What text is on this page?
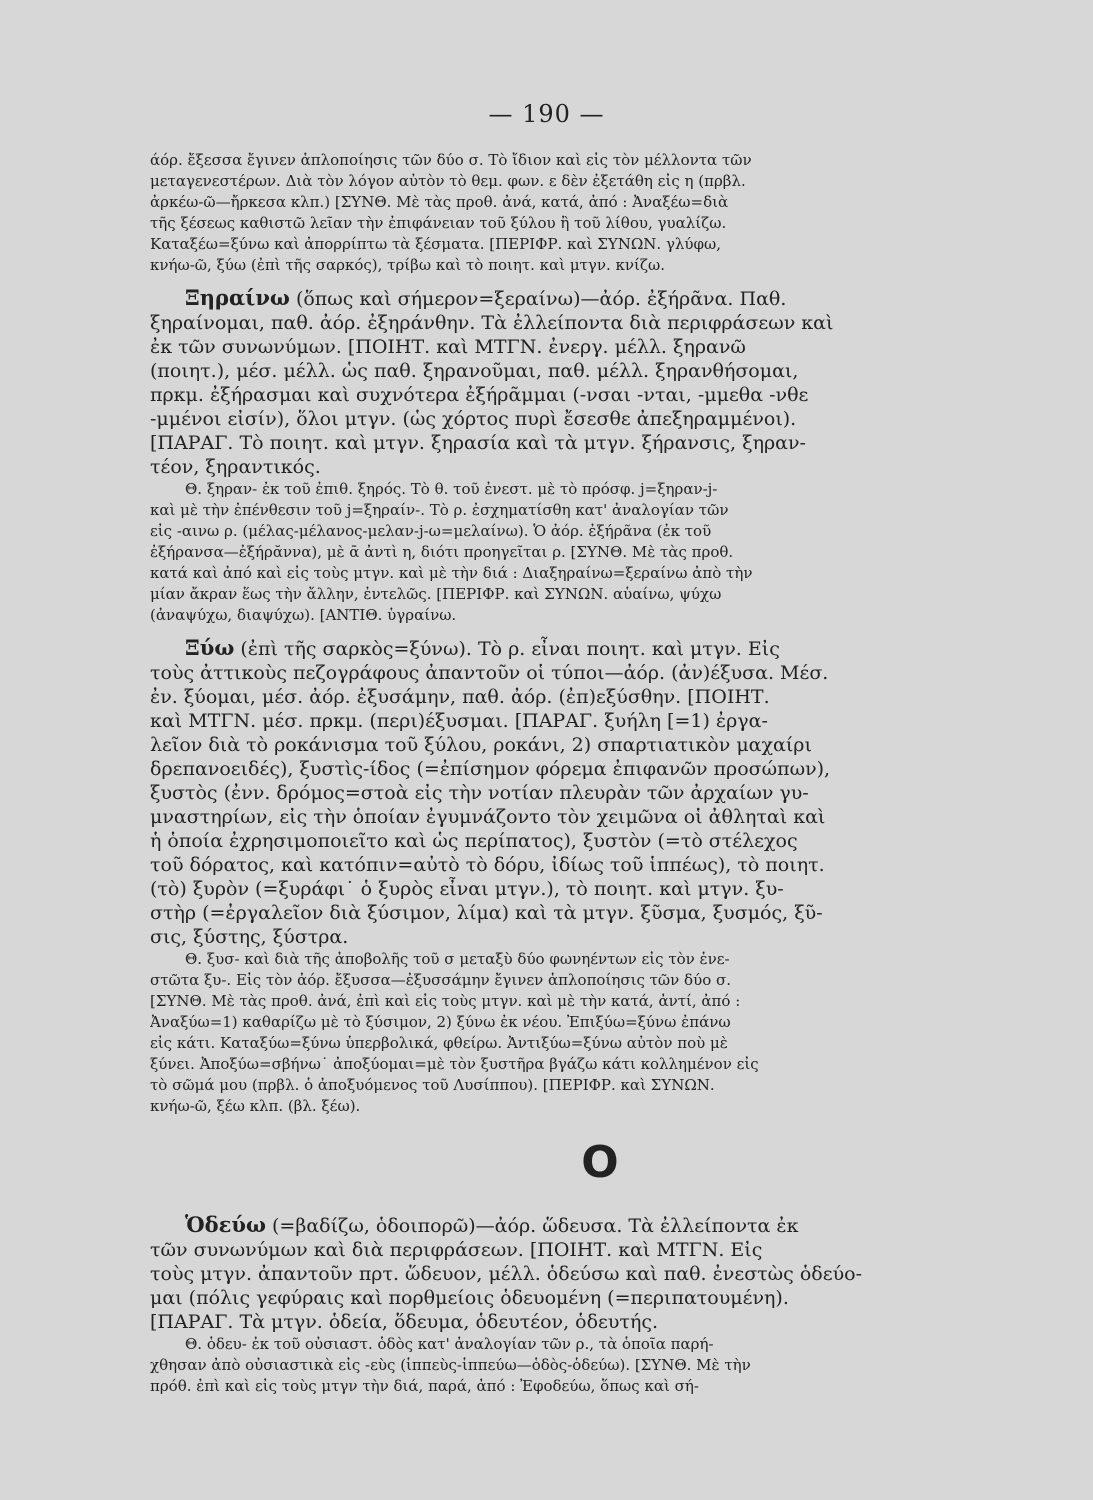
— 190 —
άόρ. ἔξεσσα ἔγινεν ἁπλοποίησις τῶν δύο σ. Τὸ ἴδιον καὶ εἰς τὸν μέλλοντα τῶν
μεταγενεστέρων. Διὰ τὸν λόγον αὐτὸν τὸ θεμ. φων. ε δὲν ἐξετάθη εἰς η (πρβλ.
ἀρκέω-ῶ—ἤρκεσα κλπ.) [ΣΥΝΘ. Μὲ τὰς προθ. ἀνά, κατά, ἀπό : Ἀναξέω=διὰ
τῆς ξέσεως καθιστῶ λεῖαν τὴν ἐπιφάνειαν τοῦ ξύλου ἢ τοῦ λίθου, γυαλίζω.
Καταξέω=ξύνω καὶ ἀπορρίπτω τὰ ξέσματα. [ΠΕΡΙΦΡ. καὶ ΣΥΝΩΝ. γλύφω,
κνήω-ῶ, ξύω (ἐπὶ τῆς σαρκός), τρίβω καὶ τὸ ποιητ. καὶ μτγν. κνίζω.
Ξηραίνω (ὅπως καὶ σήμερον=ξεραίνω)—ἀόρ. ἐξήρᾶνα. Παθ.
ξηραίνομαι, παθ. ἀόρ. ἐξηράνθην. Τὰ ἐλλείποντα διὰ περιφράσεων καὶ
ἐκ τῶν συνωνύμων. [ΠΟΙΗΤ. καὶ ΜΤΓΝ. ἐνεργ. μέλλ. ξηρανῶ
(ποιητ.), μέσ. μέλλ. ὡς παθ. ξηρανοῦμαι, παθ. μέλλ. ξηρανθήσομαι,
πρκμ. ἐξήρασμαι καὶ συχνότερα ἐξήρᾶμμαι (-νσαι -νται, -μμεθα -νθε
-μμένοι εἰσίν), ὅλοι μτγν. (ὡς χόρτος πυρὶ ἔσεσθε ἀπεξηραμμένοι).
[ΠΑΡΑΓ. Τὸ ποιητ. καὶ μτγν. ξηρασία καὶ τὰ μτγν. ξήρανσις, ξηραν-
τέον, ξηραντικός.
Θ. ξηραν- ἐκ τοῦ ἐπιθ. ξηρός. Τὸ θ. τοῦ ἐνεστ. μὲ τὸ πρόσφ. j=ξηραν-j-
καὶ μὲ τὴν ἐπένθεσιν τοῦ j=ξηραίν-. Τὸ ρ. ἐσχηματίσθη κατ' ἀναλογίαν τῶν
εἰς -αινω ρ. (μέλας-μέλανος-μελαν-j-ω=μελαίνω). Ὁ ἀόρ. ἐξήρᾶνα (ἐκ τοῦ
ἐξήρανσα—ἐξήρᾰννα), μὲ ᾱ ἀντὶ η, διότι προηγεῖται ρ. [ΣΥΝΘ. Μὲ τὰς προθ.
κατά καὶ ἀπό καὶ εἰς τοὺς μτγν. καὶ μὲ τὴν διά : Διαξηραίνω=ξεραίνω ἀπὸ τὴν
μίαν ἄκραν ἕως τὴν ἄλλην, ἐντελῶς. [ΠΕΡΙΦΡ. καὶ ΣΥΝΩΝ. αὑαίνω, ψύχω
(ἀναψύχω, διαψύχω). [ΑΝΤΙΘ. ὑγραίνω.
Ξύω (ἐπὶ τῆς σαρκὸς=ξύνω). Τὸ ρ. εἶναι ποιητ. καὶ μτγν. Εἰς
τοὺς ἀττικοὺς πεζογράφους ἀπαντοῦν οἱ τύποι—ἀόρ. (ἀν)έξυσα. Μέσ.
ἐν. ξύομαι, μέσ. ἀόρ. ἐξυσάμην, παθ. ἀόρ. (ἐπ)εξύσθην. [ΠΟΙΗΤ.
καὶ ΜΤΓΝ. μέσ. πρκμ. (περι)έξυσμαι. [ΠΑΡΑΓ. ξυήλη [=1) ἐργα-
λεῖον διὰ τὸ ροκάνισμα τοῦ ξύλου, ροκάνι, 2) σπαρτιατικὸν μαχαίρι
δρεπανοειδές), ξυστὶς-ίδος (=ἐπίσημον φόρεμα ἐπιφανῶν προσώπων),
ξυστὸς (ἐνν. δρόμος=στοὰ εἰς τὴν νοτίαν πλευρὰν τῶν ἀρχαίων γυ-
μναστηρίων, εἰς τὴν ὁποίαν ἐγυμνάζοντο τὸν χειμῶνα οἱ ἀθληταὶ καὶ
ἡ ὁποία ἐχρησιμοποιεῖτο καὶ ὡς περίπατος), ξυστὸν (=τὸ στέλεχος
τοῦ δόρατος, καὶ κατόπιν=αὐτὸ τὸ δόρυ, ἰδίως τοῦ ἱππέως), τὸ ποιητ.
(τὸ) ξυρὸν (=ξυράφι˙ ὁ ξυρὸς εἶναι μτγν.), τὸ ποιητ. καὶ μτγν. ξυ-
στὴρ (=ἐργαλεῖον διὰ ξύσιμον, λίμα) καὶ τὰ μτγν. ξῦσμα, ξυσμός, ξῦ-
σις, ξύστης, ξύστρα.
Θ. ξυσ- καὶ διὰ τῆς ἀποβολῆς τοῦ σ μεταξὺ δύο φωνηέντων εἰς τὸν ἐνε-
στῶτα ξυ-. Εἰς τὸν ἀόρ. ἔξυσσα—ἐξυσσάμην ἔγινεν ἁπλοποίησις τῶν δύο σ.
[ΣΥΝΘ. Μὲ τὰς προθ. ἀνά, ἐπὶ καὶ εἰς τοὺς μτγν. καὶ μὲ τὴν κατά, ἀντί, ἀπό :
Ἀναξύω=1) καθαρίζω μὲ τὸ ξύσιμον, 2) ξύνω ἐκ νέου. Ἐπιξύω=ξύνω ἐπάνω
εἰς κάτι. Καταξύω=ξύνω ὑπερβολικά, φθείρω. Ἀντιξύω=ξύνω αὐτὸν ποὺ μὲ
ξύνει. Ἀποξύω=σβήνω˙ ἀποξύομαι=μὲ τὸν ξυστῆρα βγάζω κάτι κολλημένον εἰς
τὸ σῶμά μου (πρβλ. ὁ ἀποξυόμενος τοῦ Λυσίππου). [ΠΕΡΙΦΡ. καὶ ΣΥΝΩΝ.
κνήω-ῶ, ξέω κλπ. (βλ. ξέω).
Ο
Ὁδεύω (=βαδίζω, ὁδοιπορῶ)—ἀόρ. ὥδευσα. Τὰ ἐλλείποντα ἐκ
τῶν συνωνύμων καὶ διὰ περιφράσεων. [ΠΟΙΗΤ. καὶ ΜΤΓΝ. Εἰς
τοὺς μτγν. ἀπαντοῦν πρτ. ὥδευον, μέλλ. ὁδεύσω καὶ παθ. ἐνεστὼς ὁδεύο-
μαι (πόλις γεφύραις καὶ πορθμείοις ὁδευομένη (=περιπατουμένη).
[ΠΑΡΑΓ. Τὰ μτγν. ὁδεία, ὅδευμα, ὁδευτέον, ὁδευτής.
Θ. ὁδευ- ἐκ τοῦ οὐσιαστ. ὁδὸς κατ' ἀναλογίαν τῶν ρ., τὰ ὁποῖα παρή-
χθησαν ἀπὸ οὐσιαστικὰ εἰς -εὺς (ἱππεὺς-ἱππεύω—ὁδὸς-ὁδεύω). [ΣΥΝΘ. Μὲ τὴν
πρόθ. ἐπὶ καὶ εἰς τοὺς μτγν τὴν διά, παρά, ἀπό : Ἐφοδεύω, ὅπως καὶ σή-
